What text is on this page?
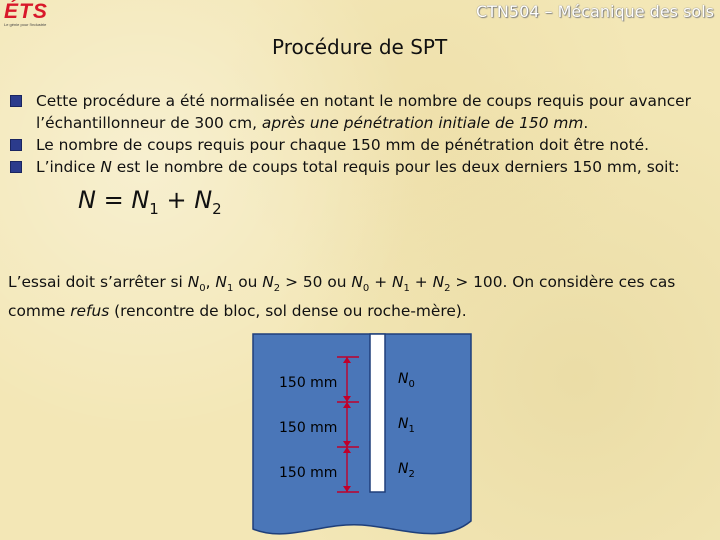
ÉTS
Le génie pour l'industrie
CTN504 – Mécanique des sols
Procédure de SPT
Cette procédure a été normalisée en notant le nombre de coups requis pour avancer l’échantillonneur de 300 cm, après une pénétration initiale de 150 mm.
Le nombre de coups requis pour chaque 150 mm de pénétration doit être noté.
L’indice N est le nombre de coups total requis pour les deux derniers 150 mm, soit:
$N = N_1 + N_2$
L’essai doit s’arrêter si $N_0$, $N_1$ ou $N_2 > 50$ ou $N_0 + N_1 + N_2 > 100$. On considère ces cas comme refus (rencontre de bloc, sol dense ou roche-mère).
150 mm	$N_0$
150 mm	$N_1$
150 mm	$N_2$
